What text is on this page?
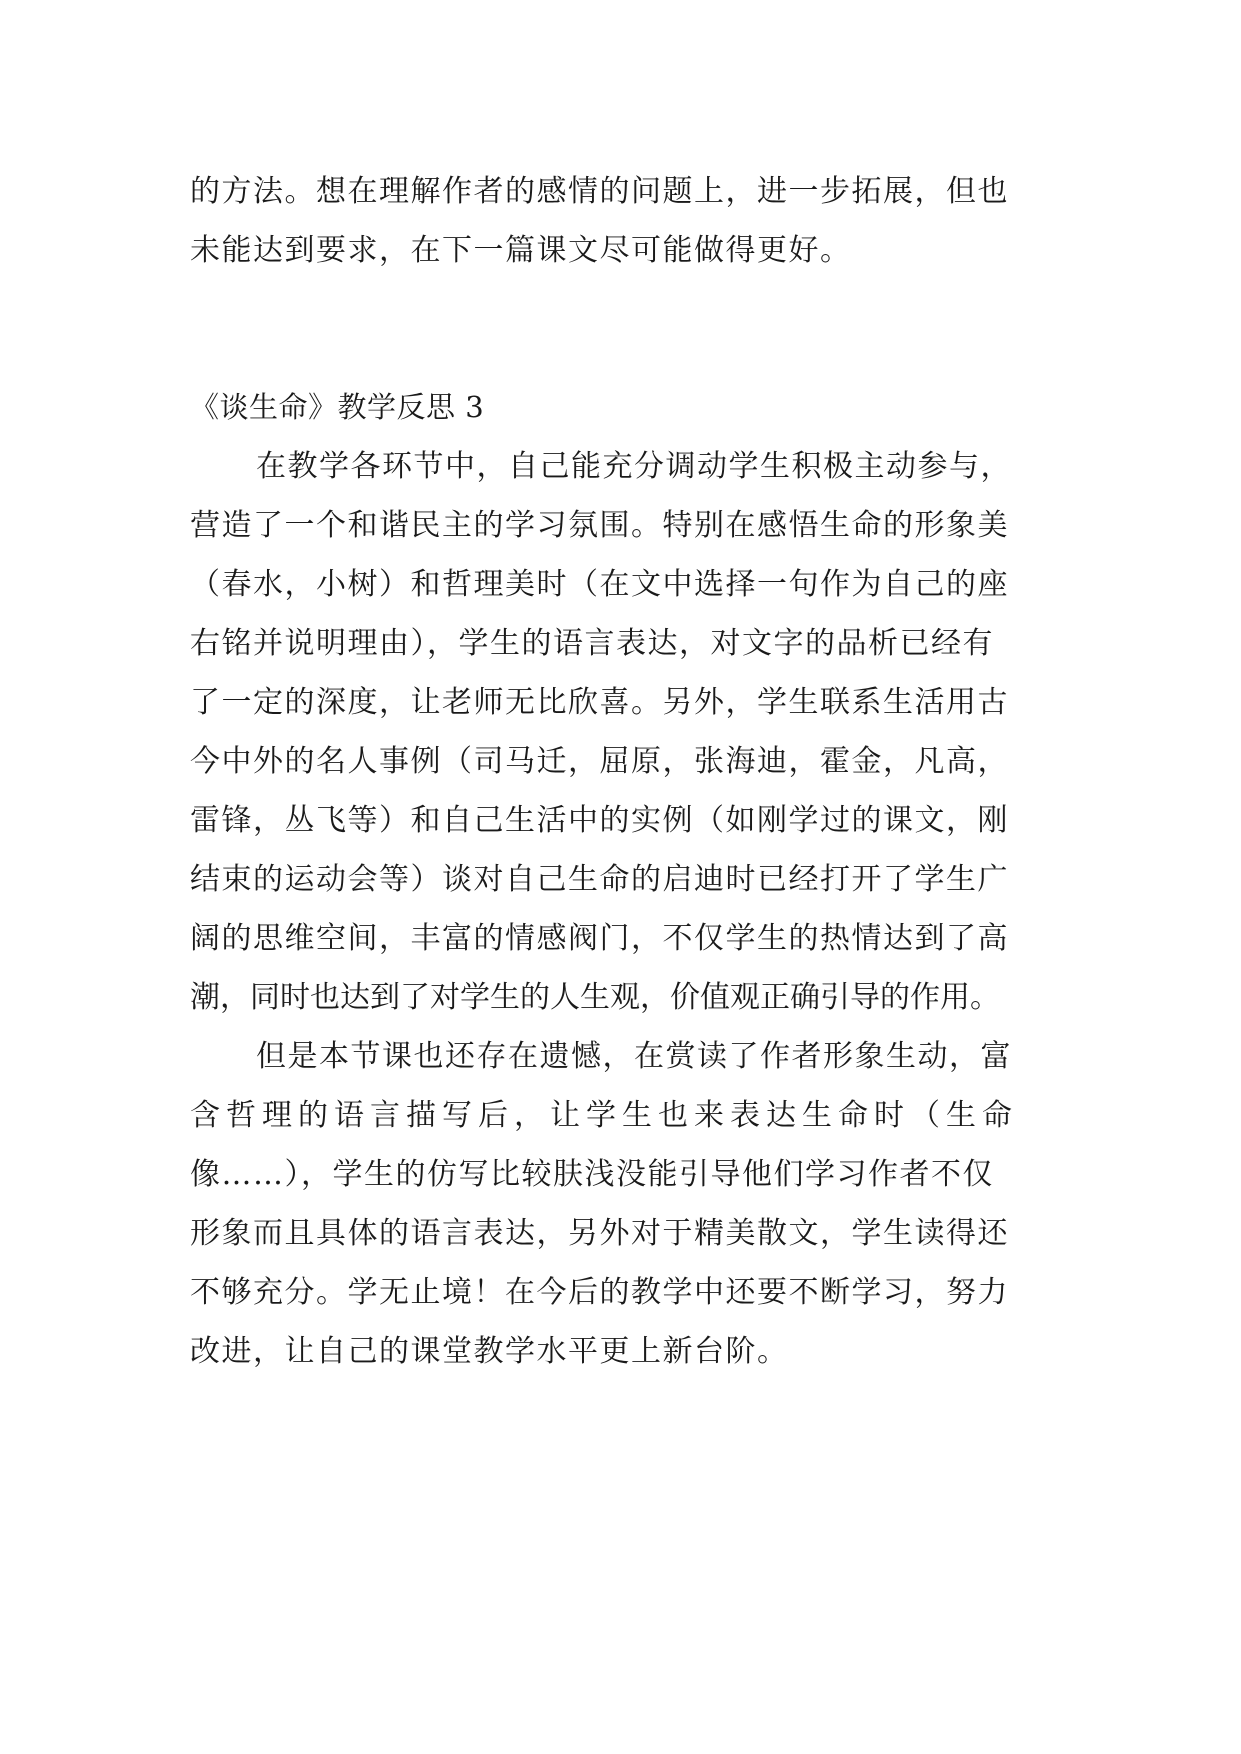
的方法。想在理解作者的感情的问题上，进一步拓展，但也
未能达到要求，在下一篇课文尽可能做得更好。
《谈生命》教学反思 3
在教学各环节中，自己能充分调动学生积极主动参与，
营造了一个和谐民主的学习氛围。特别在感悟生命的形象美
（春水，小树）和哲理美时（在文中选择一句作为自己的座
右铭并说明理由），学生的语言表达，对文字的品析已经有
了一定的深度，让老师无比欣喜。另外，学生联系生活用古
今中外的名人事例（司马迁，屈原，张海迪，霍金，凡高，
雷锋，丛飞等）和自己生活中的实例（如刚学过的课文，刚
结束的运动会等）谈对自己生命的启迪时已经打开了学生广
阔的思维空间，丰富的情感阀门，不仅学生的热情达到了高
潮，同时也达到了对学生的人生观，价值观正确引导的作用。
但是本节课也还存在遗憾，在赏读了作者形象生动，富
含哲理的语言描写后，让学生也来表达生命时（生命
像……），学生的仿写比较肤浅没能引导他们学习作者不仅
形象而且具体的语言表达，另外对于精美散文，学生读得还
不够充分。学无止境！在今后的教学中还要不断学习，努力
改进，让自己的课堂教学水平更上新台阶。
